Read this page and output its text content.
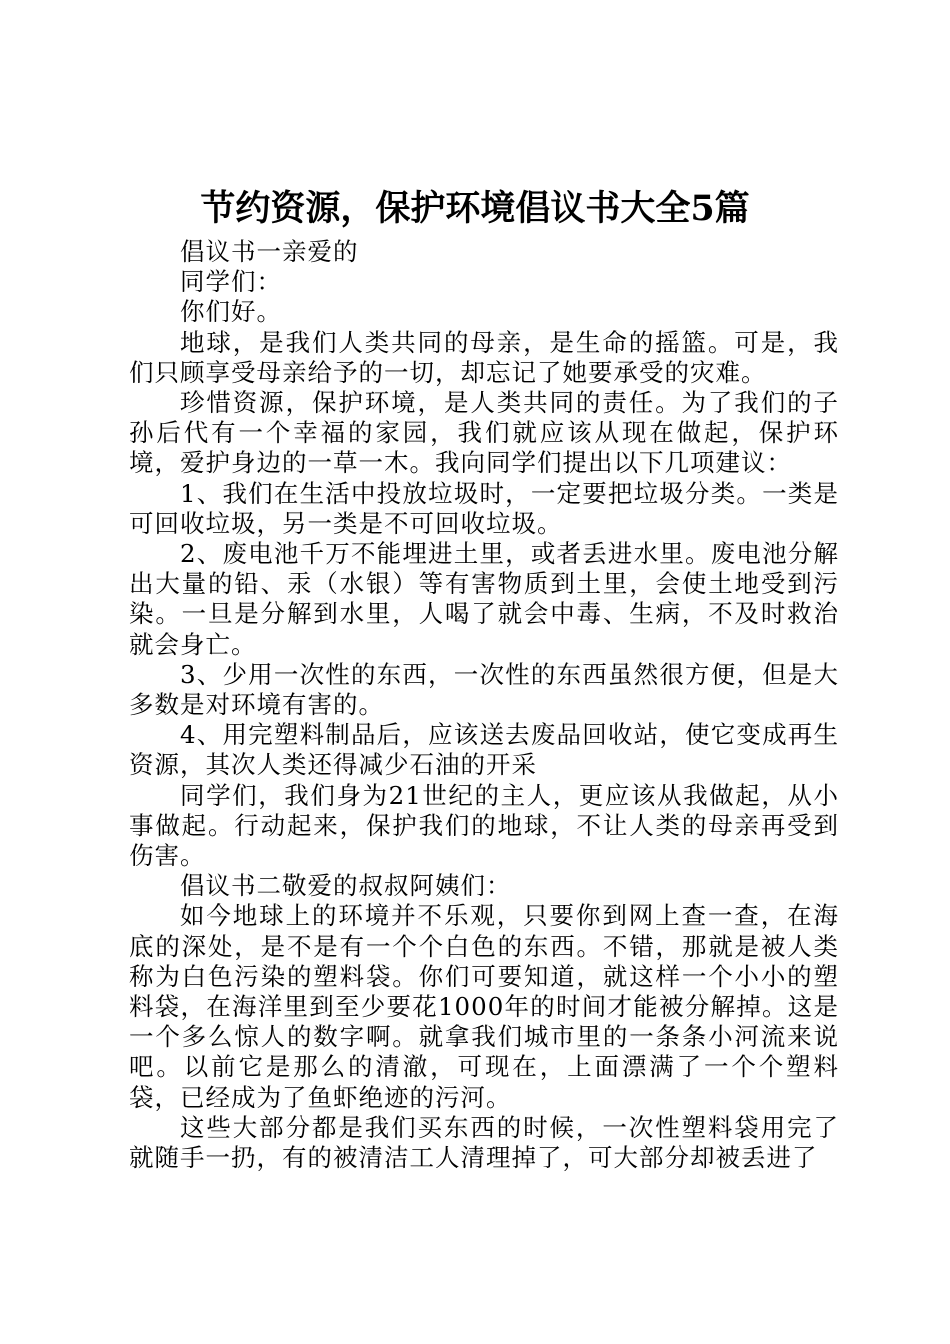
节约资源，保护环境倡议书大全5篇

倡议书一亲爱的

同学们：

你们好。

地球，是我们人类共同的母亲，是生命的摇篮。可是，我们只顾享受母亲给予的一切，却忘记了她要承受的灾难。

珍惜资源，保护环境，是人类共同的责任。为了我们的子孙后代有一个幸福的家园，我们就应该从现在做起，保护环境，爱护身边的一草一木。我向同学们提出以下几项建议：

1、我们在生活中投放垃圾时，一定要把垃圾分类。一类是可回收垃圾，另一类是不可回收垃圾。

2、废电池千万不能埋进土里，或者丢进水里。废电池分解出大量的铅、汞（水银）等有害物质到土里，会使土地受到污染。一旦是分解到水里，人喝了就会中毒、生病，不及时救治就会身亡。

3、少用一次性的东西，一次性的东西虽然很方便，但是大多数是对环境有害的。

4、用完塑料制品后，应该送去废品回收站，使它变成再生资源，其次人类还得减少石油的开采

同学们，我们身为21世纪的主人，更应该从我做起，从小事做起。行动起来，保护我们的地球，不让人类的母亲再受到伤害。

倡议书二敬爱的叔叔阿姨们：

如今地球上的环境并不乐观，只要你到网上查一查，在海底的深处，是不是有一个个白色的东西。不错，那就是被人类称为白色污染的塑料袋。你们可要知道，就这样一个小小的塑料袋，在海洋里到至少要花1000年的时间才能被分解掉。这是一个多么惊人的数字啊。就拿我们城市里的一条条小河流来说吧。以前它是那么的清澈，可现在，上面漂满了一个个塑料袋，已经成为了鱼虾绝迹的污河。

这些大部分都是我们买东西的时候，一次性塑料袋用完了就随手一扔，有的被清洁工人清理掉了，可大部分却被丢进了
